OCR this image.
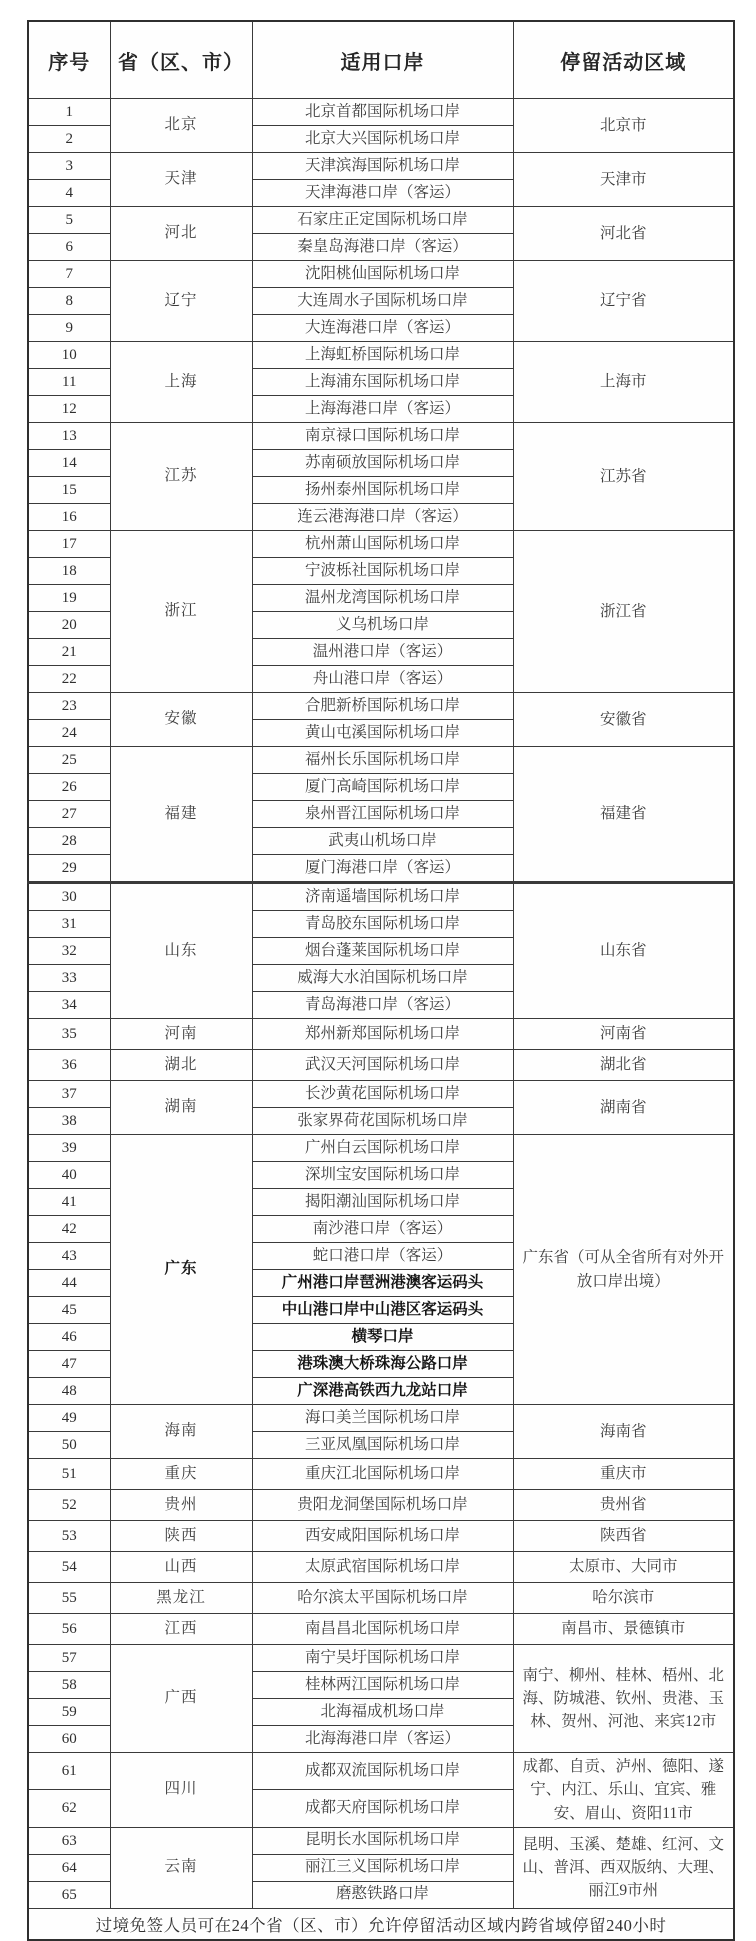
序号	省（区、市）	适用口岸	停留活动区域
1	北京	北京首都国际机场口岸	北京市
2		北京大兴国际机场口岸	
3	天津	天津滨海国际机场口岸	天津市
4		天津海港口岸（客运）	
5	河北	石家庄正定国际机场口岸	河北省
6		秦皇岛海港口岸（客运）	
7	辽宁	沈阳桃仙国际机场口岸	辽宁省
8		大连周水子国际机场口岸	
9		大连海港口岸（客运）	
10	上海	上海虹桥国际机场口岸	上海市
11		上海浦东国际机场口岸	
12		上海海港口岸（客运）	
13	江苏	南京禄口国际机场口岸	江苏省
14		苏南硕放国际机场口岸	
15		扬州泰州国际机场口岸	
16		连云港海港口岸（客运）	
17	浙江	杭州萧山国际机场口岸	浙江省
18		宁波栎社国际机场口岸	
19		温州龙湾国际机场口岸	
20		义乌机场口岸	
21		温州港口岸（客运）	
22		舟山港口岸（客运）	
23	安徽	合肥新桥国际机场口岸	安徽省
24		黄山屯溪国际机场口岸	
25	福建	福州长乐国际机场口岸	福建省
26		厦门高崎国际机场口岸	
27		泉州晋江国际机场口岸	
28		武夷山机场口岸	
29		厦门海港口岸（客运）	
30	山东	济南遥墙国际机场口岸	山东省
31		青岛胶东国际机场口岸	
32		烟台蓬莱国际机场口岸	
33		威海大水泊国际机场口岸	
34		青岛海港口岸（客运）	
35	河南	郑州新郑国际机场口岸	河南省
36	湖北	武汉天河国际机场口岸	湖北省
37	湖南	长沙黄花国际机场口岸	湖南省
38		张家界荷花国际机场口岸	
39	广东	广州白云国际机场口岸	广东省（可从全省所有对外开放口岸出境）
40		深圳宝安国际机场口岸	
41		揭阳潮汕国际机场口岸	
42		南沙港口岸（客运）	
43		蛇口港口岸（客运）	
44		广州港口岸琶洲港澳客运码头	
45		中山港口岸中山港区客运码头	
46		横琴口岸	
47		港珠澳大桥珠海公路口岸	
48		广深港高铁西九龙站口岸	
49	海南	海口美兰国际机场口岸	海南省
50		三亚凤凰国际机场口岸	
51	重庆	重庆江北国际机场口岸	重庆市
52	贵州	贵阳龙洞堡国际机场口岸	贵州省
53	陕西	西安咸阳国际机场口岸	陕西省
54	山西	太原武宿国际机场口岸	太原市、大同市
55	黑龙江	哈尔滨太平国际机场口岸	哈尔滨市
56	江西	南昌昌北国际机场口岸	南昌市、景德镇市
57	广西	南宁吴圩国际机场口岸	南宁、柳州、桂林、梧州、北海、防城港、钦州、贵港、玉林、贺州、河池、来宾12市
58		桂林两江国际机场口岸	
59		北海福成机场口岸	
60		北海海港口岸（客运）	
61	四川	成都双流国际机场口岸	成都、自贡、泸州、德阳、遂宁、内江、乐山、宜宾、雅安、眉山、资阳11市
62		成都天府国际机场口岸	
63	云南	昆明长水国际机场口岸	昆明、玉溪、楚雄、红河、文山、普洱、西双版纳、大理、丽江9市州
64		丽江三义国际机场口岸	
65		磨憨铁路口岸	
过境免签人员可在24个省（区、市）允许停留活动区域内跨省域停留240小时			
